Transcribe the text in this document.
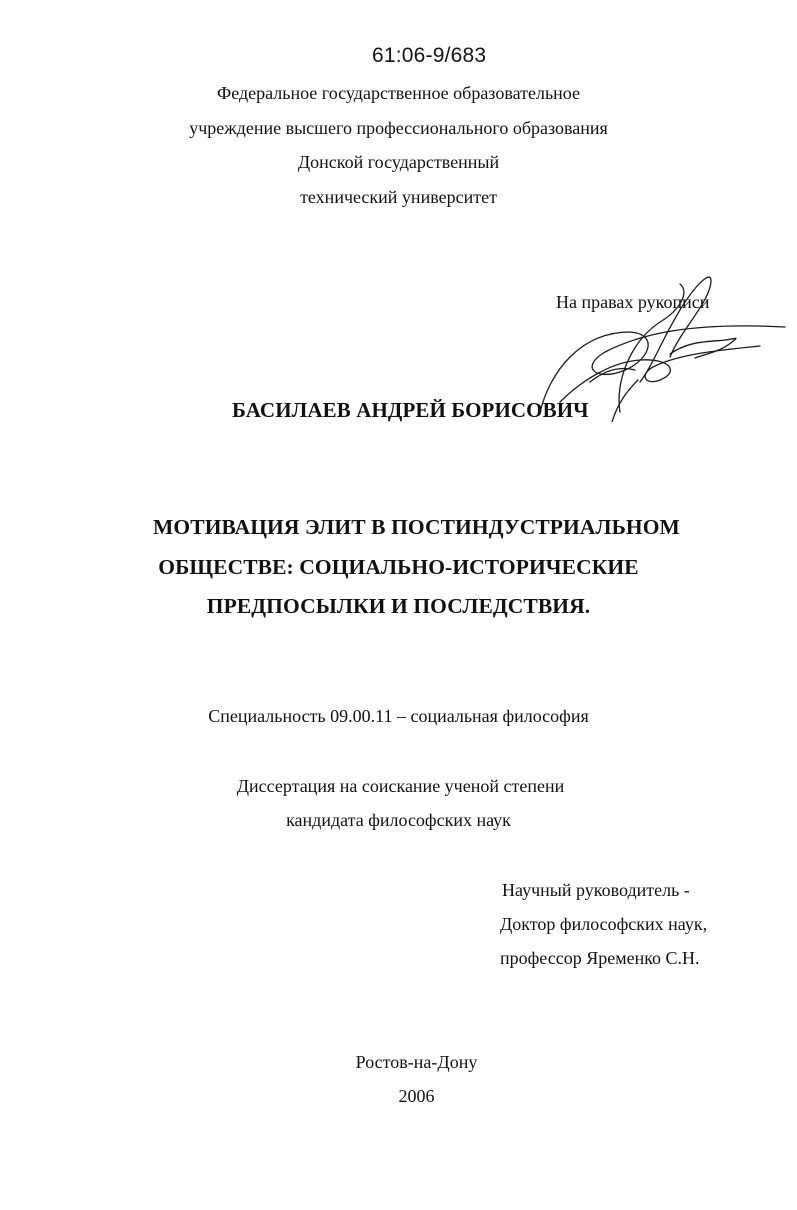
61:06-9/683
Федеральное государственное образовательное
учреждение высшего профессионального образования
Донской государственный
технический университет
На правах рукописи
БАСИЛАЕВ АНДРЕЙ БОРИСОВИЧ
МОТИВАЦИЯ ЭЛИТ В ПОСТИНДУСТРИАЛЬНОМ
ОБЩЕСТВЕ: СОЦИАЛЬНО-ИСТОРИЧЕСКИЕ
ПРЕДПОСЫЛКИ И ПОСЛЕДСТВИЯ.
Специальность 09.00.11 – социальная философия
Диссертация на соискание ученой степени
кандидата философских наук
Научный руководитель -
Доктор философских наук,
профессор Яременко С.Н.
Ростов-на-Дону
2006
